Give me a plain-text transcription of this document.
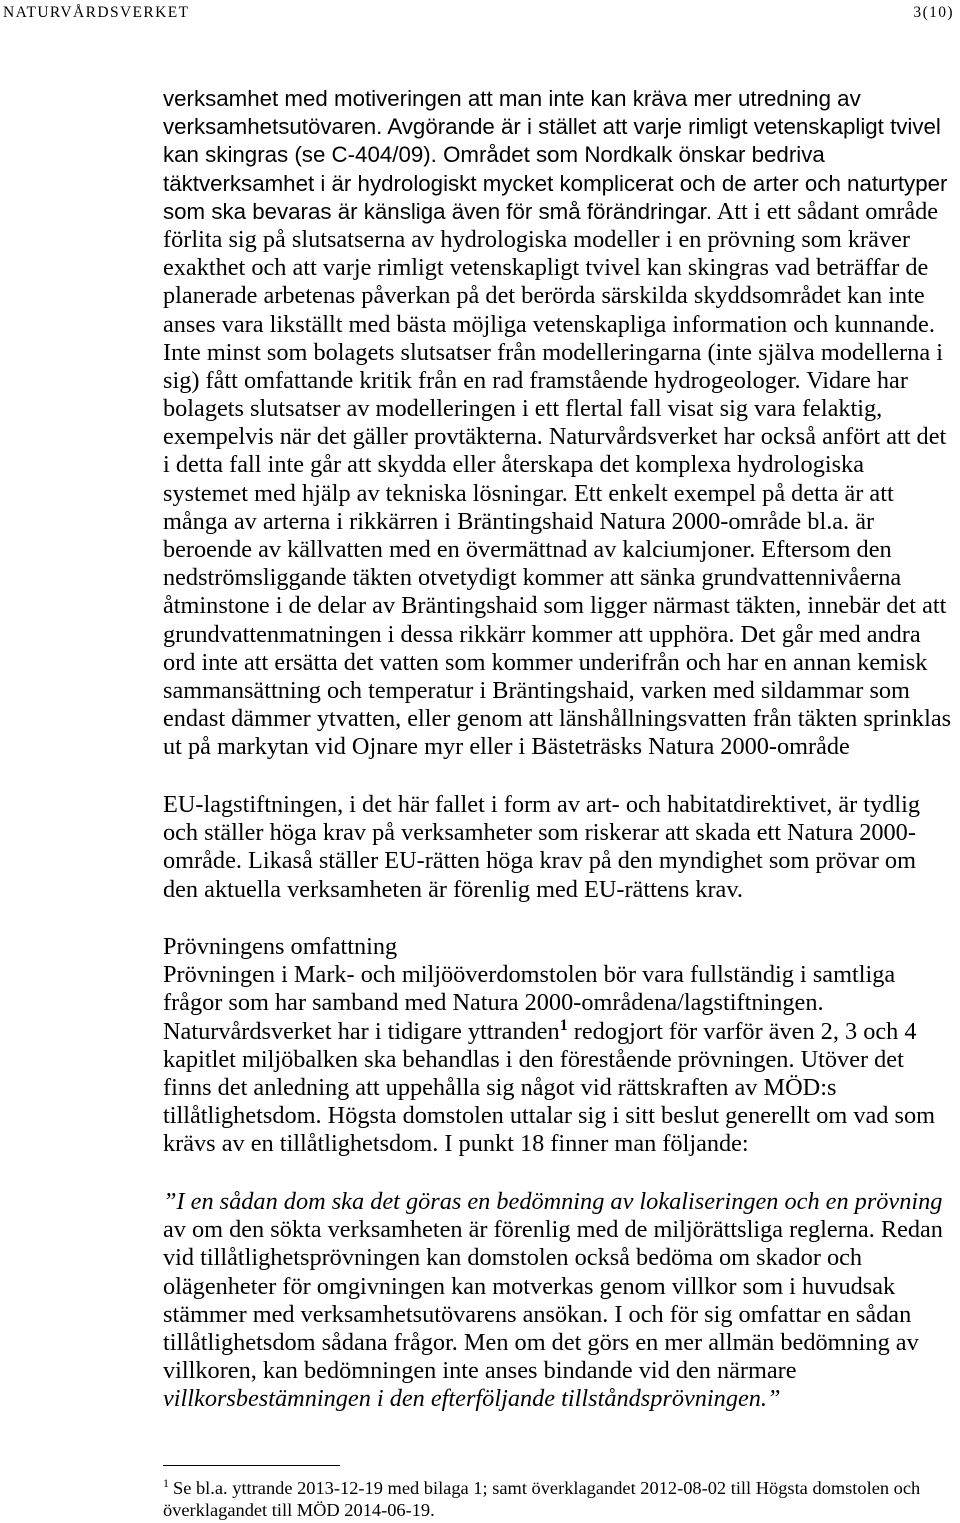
NATURVÅRDSVERKET	3(10)
verksamhet med motiveringen att man inte kan kräva mer utredning av
verksamhetsutövaren. Avgörande är i stället att varje rimligt vetenskapligt tvivel
kan skingras (se C-404/09). Området som Nordkalk önskar bedriva
täktverksamhet i är hydrologiskt mycket komplicerat och de arter och naturtyper
som ska bevaras är känsliga även för små förändringar. Att i ett sådant område
förlita sig på slutsatserna av hydrologiska modeller i en prövning som kräver
exakthet och att varje rimligt vetenskapligt tvivel kan skingras vad beträffar de
planerade arbetenas påverkan på det berörda särskilda skyddsområdet kan inte
anses vara likställt med bästa möjliga vetenskapliga information och kunnande.
Inte minst som bolagets slutsatser från modelleringarna (inte själva modellerna i
sig) fått omfattande kritik från en rad framstående hydrogeologer. Vidare har
bolagets slutsatser av modelleringen i ett flertal fall visat sig vara felaktig,
exempelvis när det gäller provtäkterna. Naturvårdsverket har också anfört att det
i detta fall inte går att skydda eller återskapa det komplexa hydrologiska
systemet med hjälp av tekniska lösningar. Ett enkelt exempel på detta är att
många av arterna i rikkärren i Bräntingshaid Natura 2000-område bl.a. är
beroende av källvatten med en övermättnad av kalciumjoner. Eftersom den
nedströmsliggande täkten otvetydigt kommer att sänka grundvattennivåerna
åtminstone i de delar av Bräntingshaid som ligger närmast täkten, innebär det att
grundvattenmatningen i dessa rikkärr kommer att upphöra. Det går med andra
ord inte att ersätta det vatten som kommer underifrån och har en annan kemisk
sammansättning och temperatur i Bräntingshaid, varken med sildammar som
endast dämmer ytvatten, eller genom att länshållningsvatten från täkten sprinklas
ut på markytan vid Ojnare myr eller i Bästeträsks Natura 2000-område
EU-lagstiftningen, i det här fallet i form av art- och habitatdirektivet, är tydlig
och ställer höga krav på verksamheter som riskerar att skada ett Natura 2000-
område. Likaså ställer EU-rätten höga krav på den myndighet som prövar om
den aktuella verksamheten är förenlig med EU-rättens krav.
Prövningens omfattning
Prövningen i Mark- och miljööverdomstolen bör vara fullständig i samtliga
frågor som har samband med Natura 2000-områdena/lagstiftningen.
Naturvårdsverket har i tidigare yttranden$^1$ redogjort för varför även 2, 3 och 4
kapitlet miljöbalken ska behandlas i den förestående prövningen. Utöver det
finns det anledning att uppehålla sig något vid rättskraften av MÖD:s
tillåtlighetsdom. Högsta domstolen uttalar sig i sitt beslut generellt om vad som
krävs av en tillåtlighetsdom. I punkt 18 finner man följande:
”I en sådan dom ska det göras en bedömning av lokaliseringen och en prövning
av om den sökta verksamheten är förenlig med de miljörättsliga reglerna. Redan
vid tillåtlighetsprövningen kan domstolen också bedöma om skador och
olägenheter för omgivningen kan motverkas genom villkor som i huvudsak
stämmer med verksamhetsutövarens ansökan. I och för sig omfattar en sådan
tillåtlighetsdom sådana frågor. Men om det görs en mer allmän bedömning av
villkoren, kan bedömningen inte anses bindande vid den närmare
villkorsbestämningen i den efterföljande tillståndsprövningen.”
$^1$ Se bl.a. yttrande 2013-12-19 med bilaga 1; samt överklagandet 2012-08-02 till Högsta domstolen och
överklagandet till MÖD 2014-06-19.
